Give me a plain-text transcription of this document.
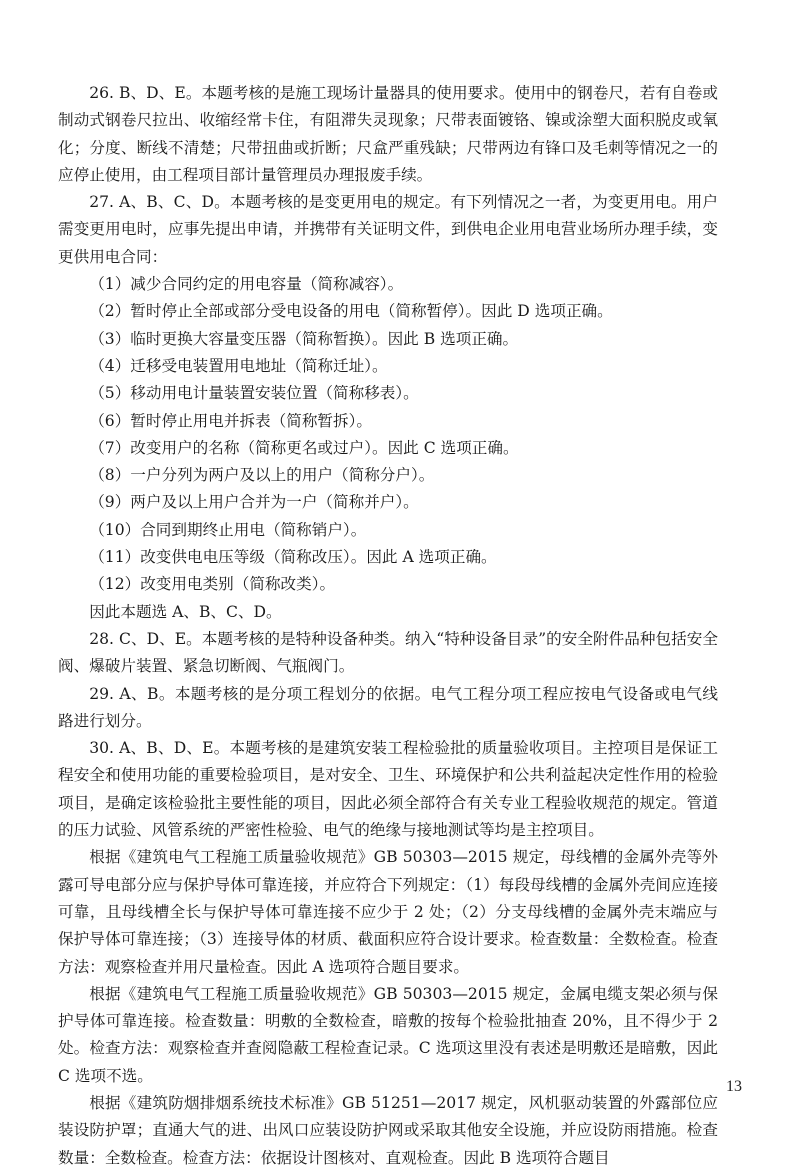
26. B、D、E。本题考核的是施工现场计量器具的使用要求。使用中的钢卷尺，若有自卷或制动式钢卷尺拉出、收缩经常卡住，有阻滞失灵现象；尺带表面镀铬、镍或涂塑大面积脱皮或氧化；分度、断线不清楚；尺带扭曲或折断；尺盒严重残缺；尺带两边有锋口及毛刺等情况之一的应停止使用，由工程项目部计量管理员办理报废手续。

27. A、B、C、D。本题考核的是变更用电的规定。有下列情况之一者，为变更用电。用户需变更用电时，应事先提出申请，并携带有关证明文件，到供电企业用电营业场所办理手续，变更供用电合同：

（1）减少合同约定的用电容量（简称减容）。

（2）暂时停止全部或部分受电设备的用电（简称暂停）。因此 D 选项正确。

（3）临时更换大容量变压器（简称暂换）。因此 B 选项正确。

（4）迁移受电装置用电地址（简称迁址）。

（5）移动用电计量装置安装位置（简称移表）。

（6）暂时停止用电并拆表（简称暂拆）。

（7）改变用户的名称（简称更名或过户）。因此 C 选项正确。

（8）一户分列为两户及以上的用户（简称分户）。

（9）两户及以上用户合并为一户（简称并户）。

（10）合同到期终止用电（简称销户）。

（11）改变供电电压等级（简称改压）。因此 A 选项正确。

（12）改变用电类别（简称改类）。

因此本题选 A、B、C、D。

28. C、D、E。本题考核的是特种设备种类。纳入“特种设备目录”的安全附件品种包括安全阀、爆破片装置、紧急切断阀、气瓶阀门。

29. A、B。本题考核的是分项工程划分的依据。电气工程分项工程应按电气设备或电气线路进行划分。

30. A、B、D、E。本题考核的是建筑安装工程检验批的质量验收项目。主控项目是保证工程安全和使用功能的重要检验项目，是对安全、卫生、环境保护和公共利益起决定性作用的检验项目，是确定该检验批主要性能的项目，因此必须全部符合有关专业工程验收规范的规定。管道的压力试验、风管系统的严密性检验、电气的绝缘与接地测试等均是主控项目。

根据《建筑电气工程施工质量验收规范》GB 50303—2015 规定，母线槽的金属外壳等外露可导电部分应与保护导体可靠连接，并应符合下列规定：（1）每段母线槽的金属外壳间应连接可靠，且母线槽全长与保护导体可靠连接不应少于 2 处；（2）分支母线槽的金属外壳末端应与保护导体可靠连接；（3）连接导体的材质、截面积应符合设计要求。检查数量：全数检查。检查方法：观察检查并用尺量检查。因此 A 选项符合题目要求。

根据《建筑电气工程施工质量验收规范》GB 50303—2015 规定，金属电缆支架必须与保护导体可靠连接。检查数量：明敷的全数检查，暗敷的按每个检验批抽查 20%，且不得少于 2 处。检查方法：观察检查并查阅隐蔽工程检查记录。C 选项这里没有表述是明敷还是暗敷，因此 C 选项不选。

根据《建筑防烟排烟系统技术标准》GB 51251—2017 规定，风机驱动装置的外露部位应装设防护罩；直通大气的进、出风口应装设防护网或采取其他安全设施，并应设防雨措施。检查数量：全数检查。检查方法：依据设计图核对、直观检查。因此 B 选项符合题目

13
